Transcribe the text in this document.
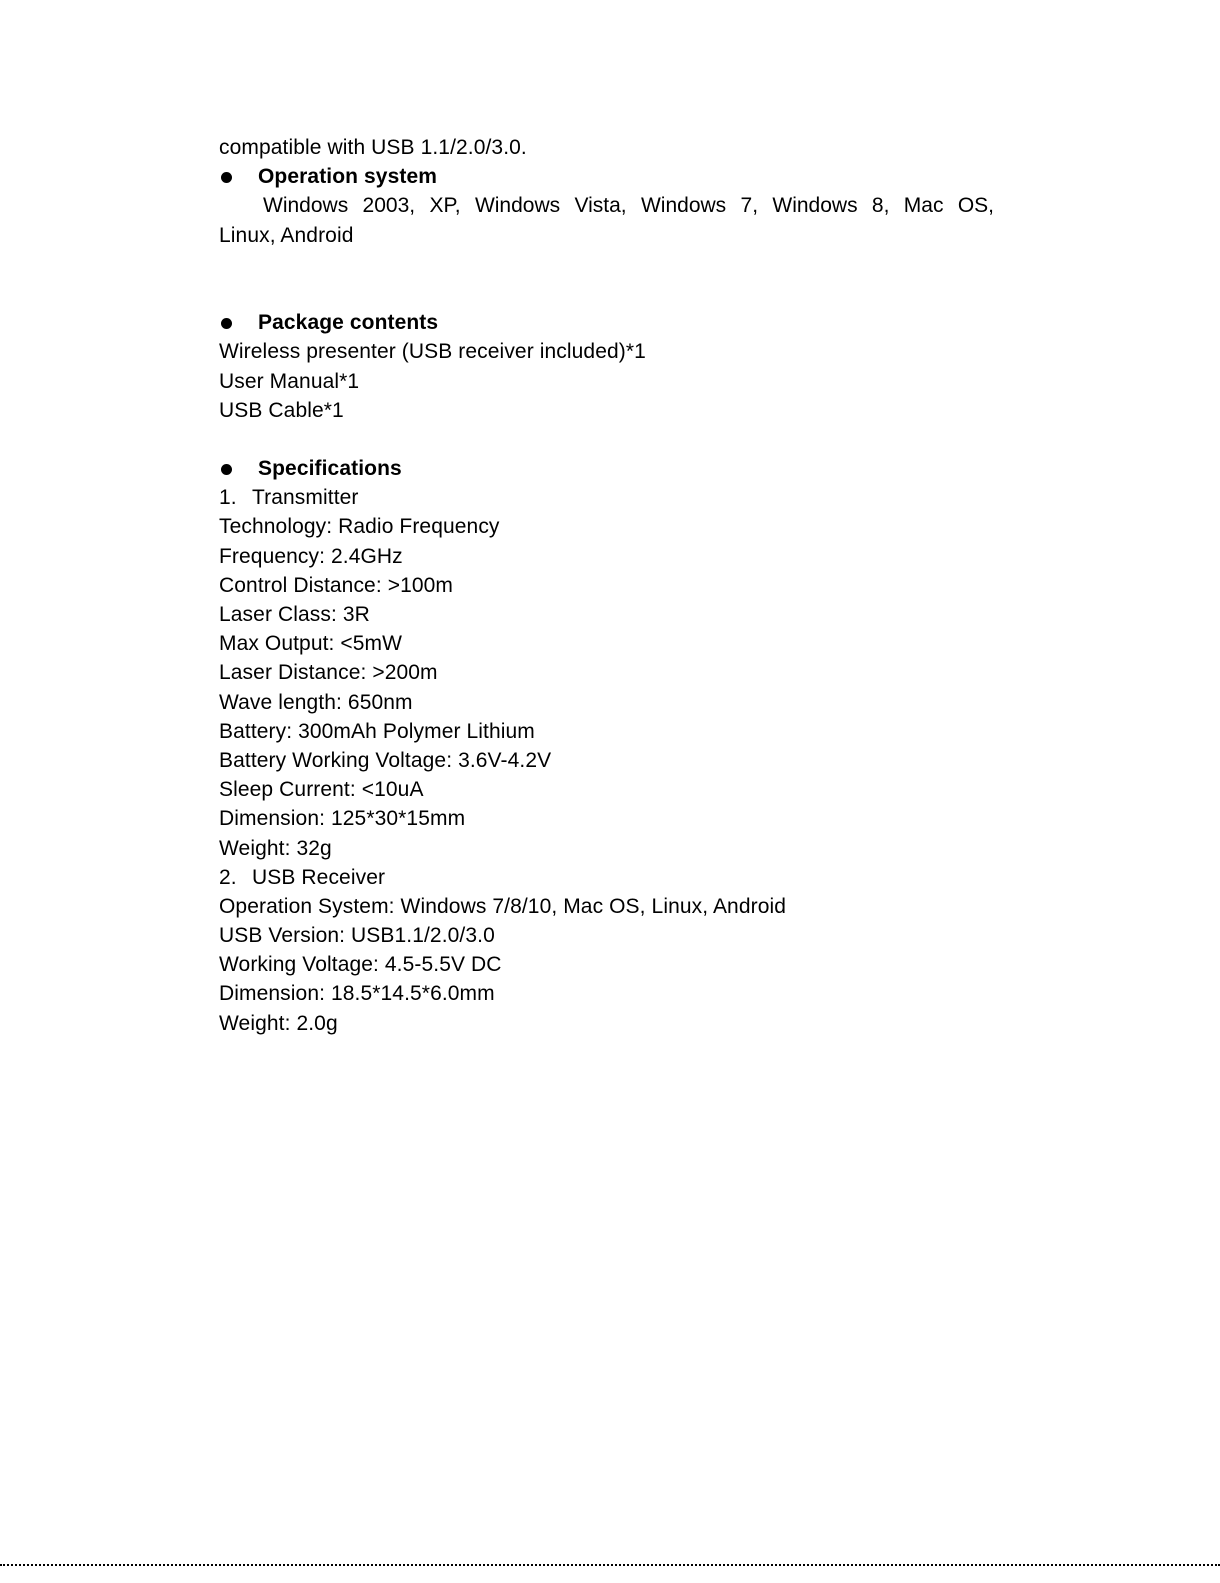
compatible with USB 1.1/2.0/3.0.
Operation system
Windows 2003, XP, Windows Vista, Windows 7, Windows 8, Mac OS,
Linux, Android
Package contents
Wireless presenter (USB receiver included)*1
User Manual*1
USB Cable*1
Specifications
1. Transmitter
Technology: Radio Frequency
Frequency: 2.4GHz
Control Distance: >100m
Laser Class: 3R
Max Output: <5mW
Laser Distance: >200m
Wave length: 650nm
Battery: 300mAh Polymer Lithium
Battery Working Voltage: 3.6V-4.2V
Sleep Current: <10uA
Dimension: 125*30*15mm
Weight: 32g
2. USB Receiver
Operation System: Windows 7/8/10, Mac OS, Linux, Android
USB Version: USB1.1/2.0/3.0
Working Voltage: 4.5-5.5V DC
Dimension: 18.5*14.5*6.0mm
Weight: 2.0g
